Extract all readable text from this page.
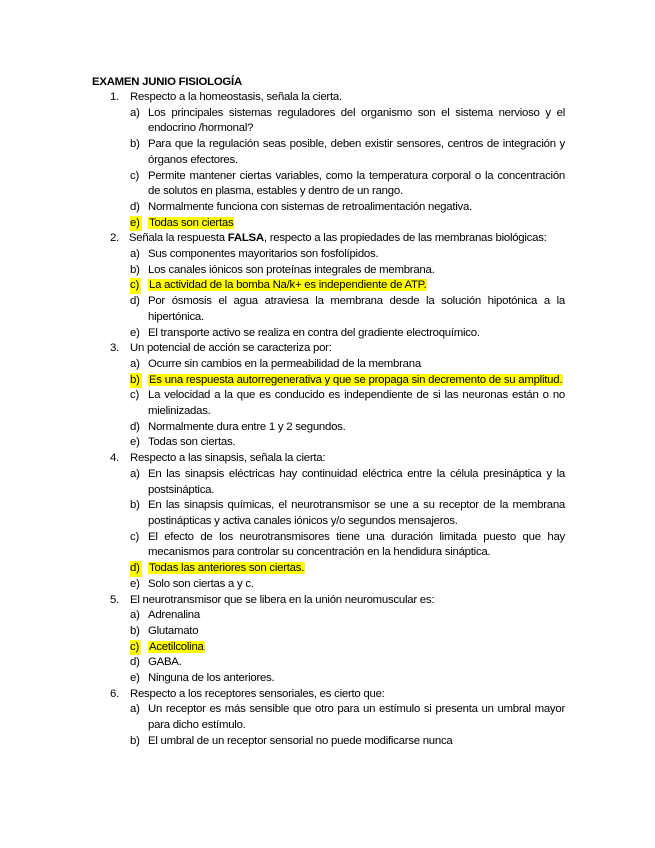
EXAMEN JUNIO FISIOLOGÍA
1. Respecto a la homeostasis, señala la cierta.
a) Los principales sistemas reguladores del organismo son el sistema nervioso y el endocrino /hormonal?
b) Para que la regulación seas posible, deben existir sensores, centros de integración y órganos efectores.
c) Permite mantener ciertas variables, como la temperatura corporal o la concentración de solutos en plasma, estables y dentro de un rango.
d) Normalmente funciona con sistemas de retroalimentación negativa.
e) Todas son ciertas
2. Señala la respuesta FALSA, respecto a las propiedades de las membranas biológicas:
a) Sus componentes mayoritarios son fosfolípidos.
b) Los canales iónicos son proteínas integrales de membrana.
c) La actividad de la bomba Na/k+ es independiente de ATP.
d) Por ósmosis el agua atraviesa la membrana desde la solución hipotónica a la hipertónica.
e) El transporte activo se realiza en contra del gradiente electroquímico.
3. Un potencial de acción se caracteriza por:
a) Ocurre sin cambios en la permeabilidad de la membrana
b) Es una respuesta autorregenerativa y que se propaga sin decremento de su amplitud.
c) La velocidad a la que es conducido es independiente de si las neuronas están o no mielinizadas.
d) Normalmente dura entre 1 y 2 segundos.
e) Todas son ciertas.
4. Respecto a las sinapsis, señala la cierta:
a) En las sinapsis eléctricas hay continuidad eléctrica entre la célula presináptica y la postsináptica.
b) En las sinapsis químicas, el neurotransmisor se une a su receptor de la membrana postinápticas y activa canales iónicos y/o segundos mensajeros.
c) El efecto de los neurotransmisores tiene una duración limitada puesto que hay mecanismos para controlar su concentración en la hendidura sináptica.
d) Todas las anteriores son ciertas.
e) Solo son ciertas a y c.
5. El neurotransmisor que se libera en la unión neuromuscular es:
a) Adrenalina
b) Glutamato
c) Acetilcolina
d) GABA.
e) Ninguna de los anteriores.
6. Respecto a los receptores sensoriales, es cierto que:
a) Un receptor es más sensible que otro para un estímulo si presenta un umbral mayor para dicho estímulo.
b) El umbral de un receptor sensorial no puede modificarse nunca
